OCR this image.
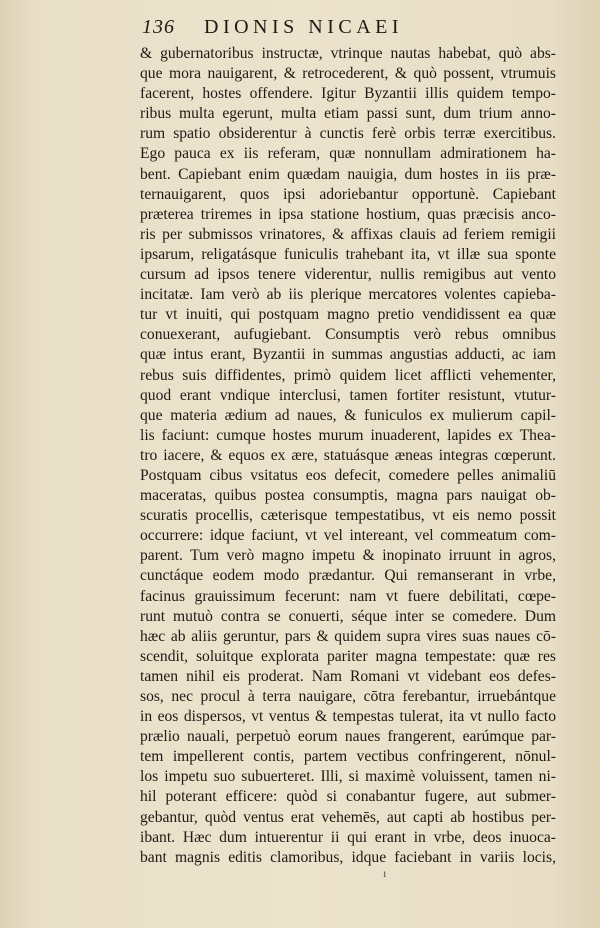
136 DIONIS NICAEI
& gubernatoribus instructæ, vtrinque nautas habebat, quò abs-
que mora nauigarent, & retrocederent, & quò possent, vtrumuis
facerent, hostes offendere. Igitur Byzantii illis quidem tempo-
ribus multa egerunt, multa etiam passi sunt, dum trium anno-
rum spatio obsiderentur à cunctis ferè orbis terræ exercitibus.
Ego pauca ex iis referam, quæ nonnullam admirationem ha-
bent. Capiebant enim quædam nauigia, dum hostes in iis præ-
ternauigarent, quos ipsi adoriebantur opportunè. Capiebant
præterea triremes in ipsa statione hostium, quas præcisis anco-
ris per submissos vrinatores, & affixas clauis ad feriem remigii
ipsarum, religatásque funiculis trahebant ita, vt illæ sua sponte
cursum ad ipsos tenere viderentur, nullis remigibus aut vento
incitatæ. Iam verò ab iis plerique mercatores volentes capieba-
tur vt inuiti, qui postquam magno pretio vendidissent ea quæ
conuexerant, aufugiebant. Consumptis verò rebus omnibus
quæ intus erant, Byzantii in summas angustias adducti, ac iam
rebus suis diffidentes, primò quidem licet afflicti vehementer,
quod erant vndique interclusi, tamen fortiter resistunt, vtutur-
que materia ædium ad naues, & funiculos ex mulierum capil-
lis faciunt: cumque hostes murum inuaderent, lapides ex Thea-
tro iacere, & equos ex ære, statuásque æneas integras cœperunt.
Postquam cibus vsitatus eos defecit, comedere pelles animaliū
maceratas, quibus postea consumptis, magna pars nauigat ob-
scuratis procellis, cæterisque tempestatibus, vt eis nemo possit
occurrere: idque faciunt, vt vel intereant, vel commeatum com-
parent. Tum verò magno impetu & inopinato irruunt in agros,
cunctáque eodem modo prædantur. Qui remanserant in vrbe,
facinus grauissimum fecerunt: nam vt fuere debilitati, cœpe-
runt mutuò contra se conuerti, séque inter se comedere. Dum
hæc ab aliis geruntur, pars & quidem supra vires suas naues cō-
scendit, soluitque explorata pariter magna tempestate: quæ res
tamen nihil eis proderat. Nam Romani vt videbant eos defes-
sos, nec procul à terra nauigare, cōtra ferebantur, irruebántque
in eos dispersos, vt ventus & tempestas tulerat, ita vt nullo facto
prælio nauali, perpetuò eorum naues frangerent, earúmque par-
tem impellerent contis, partem vectibus confringerent, nōnul-
los impetu suo subuerteret. Illi, si maximè voluissent, tamen ni-
hil poterant efficere: quòd si conabantur fugere, aut submer-
gebantur, quòd ventus erat vehemēs, aut capti ab hostibus per-
ibant. Hæc dum intuerentur ii qui erant in vrbe, deos inuoca-
bant magnis editis clamoribus, idque faciebant in variis locis,
ı
